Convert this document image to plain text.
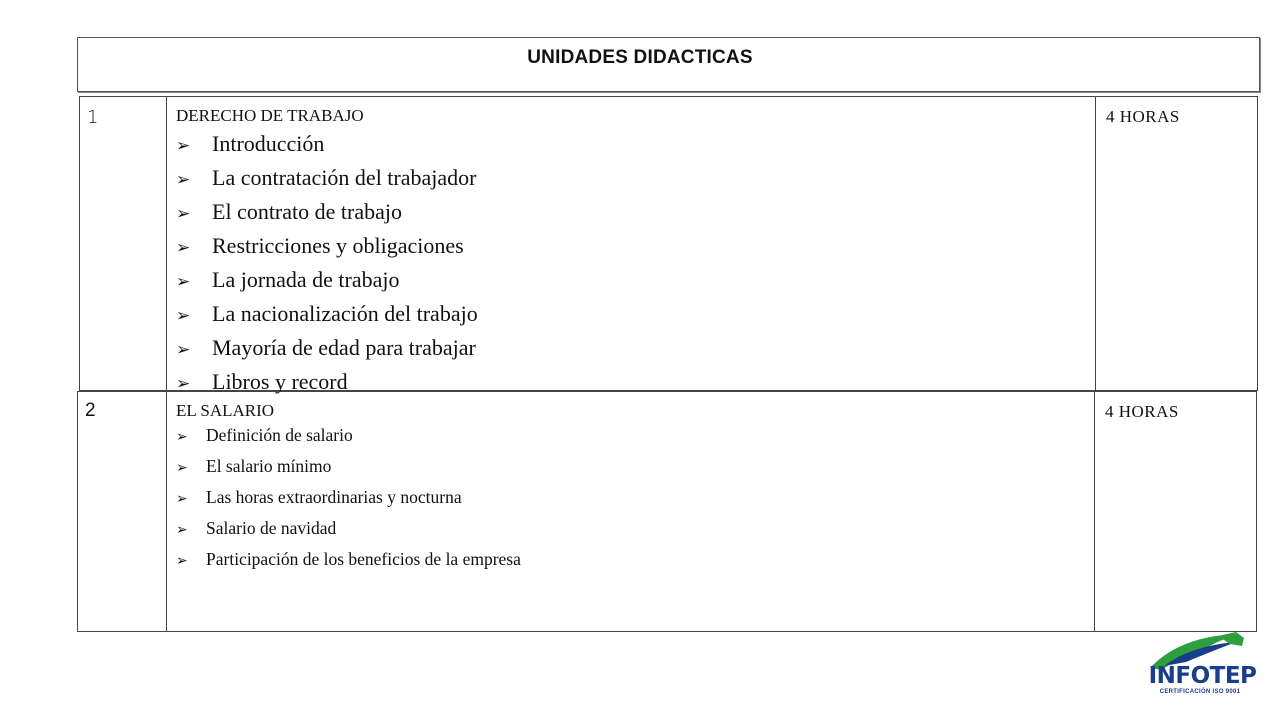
UNIDADES DIDACTICAS
1	DERECHO DE TRABAJO
➢ Introducción
➢ La contratación del trabajador
➢ El contrato de trabajo
➢ Restricciones y obligaciones
➢ La jornada de trabajo
➢ La nacionalización del trabajo
➢ Mayoría de edad para trabajar
➢ Libros y record
4 HORAS
2	EL SALARIO
➢ Definición de salario
➢ El salario mínimo
➢ Las horas extraordinarias y nocturna
➢ Salario de navidad
➢ Participación de los beneficios de la empresa
4 HORAS
INFOTEP
CERTIFICACIÓN ISO 9001
